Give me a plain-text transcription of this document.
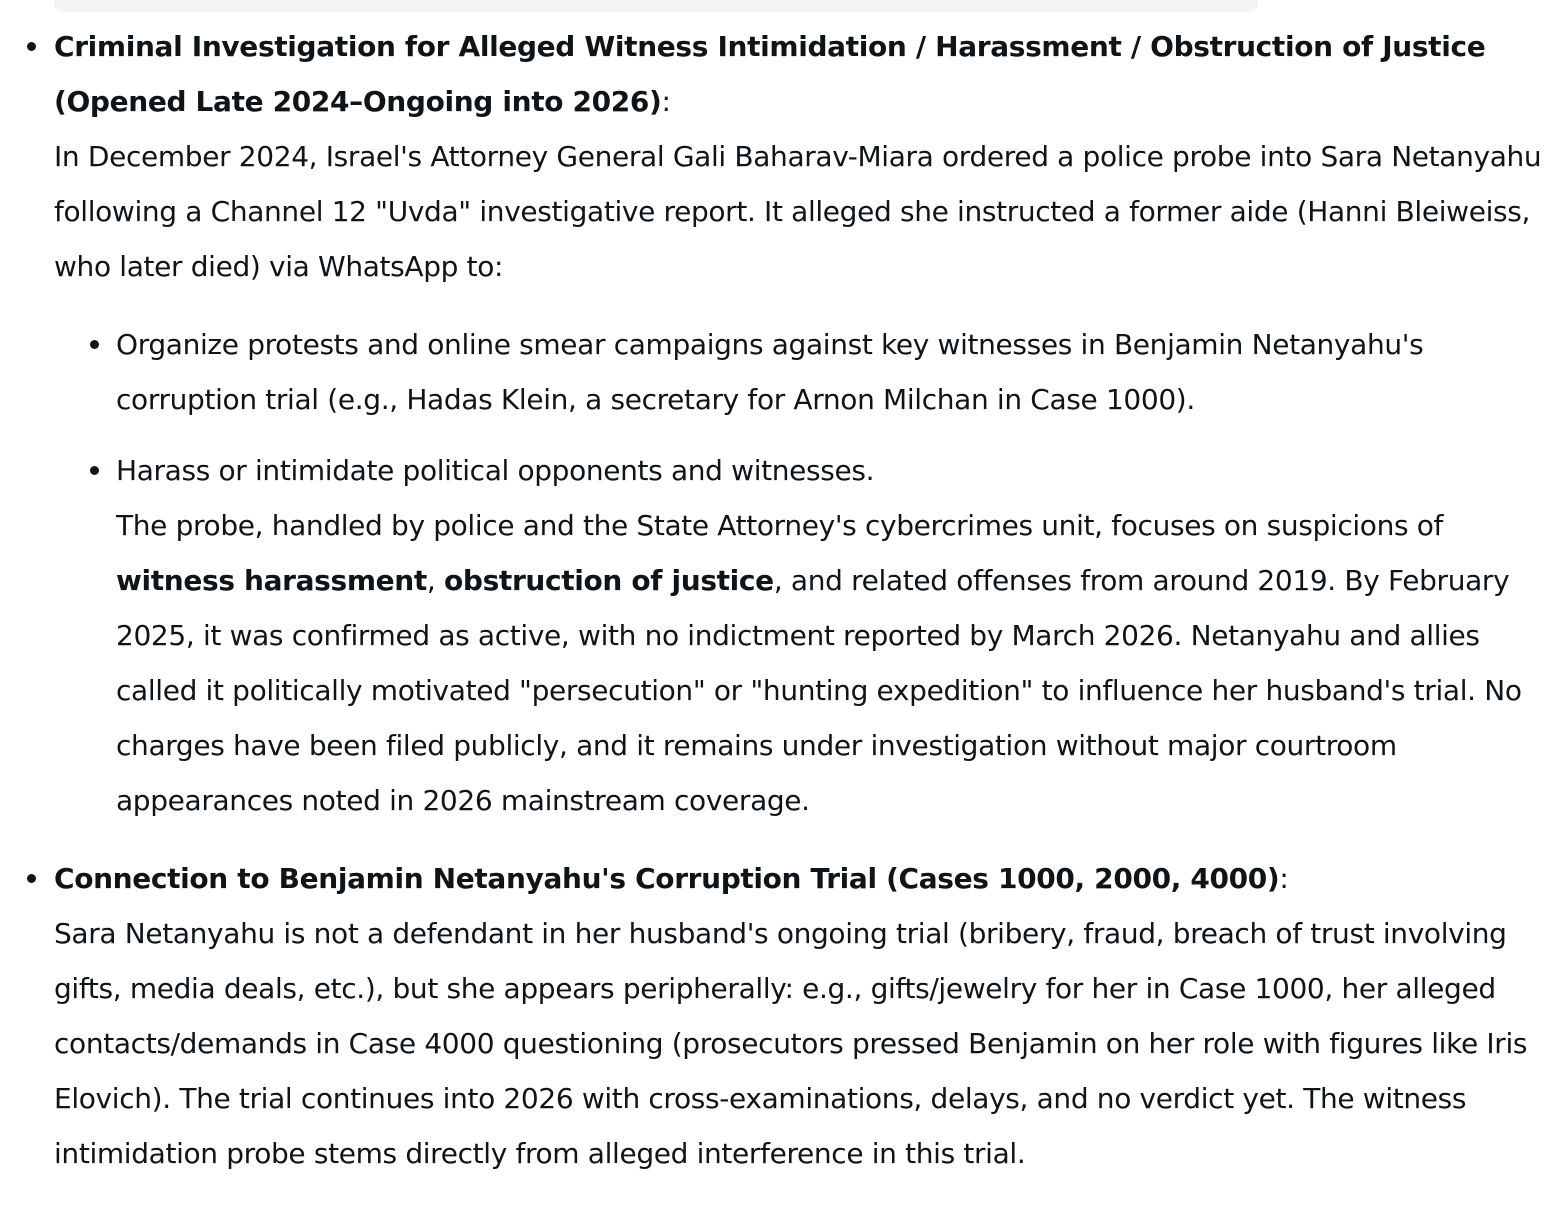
Criminal Investigation for Alleged Witness Intimidation / Harassment / Obstruction of Justice (Opened Late 2024–Ongoing into 2026):
In December 2024, Israel's Attorney General Gali Baharav-Miara ordered a police probe into Sara Netanyahu following a Channel 12 "Uvda" investigative report. It alleged she instructed a former aide (Hanni Bleiweiss, who later died) via WhatsApp to:
Organize protests and online smear campaigns against key witnesses in Benjamin Netanyahu's corruption trial (e.g., Hadas Klein, a secretary for Arnon Milchan in Case 1000).
Harass or intimidate political opponents and witnesses.
The probe, handled by police and the State Attorney's cybercrimes unit, focuses on suspicions of witness harassment, obstruction of justice, and related offenses from around 2019. By February 2025, it was confirmed as active, with no indictment reported by March 2026. Netanyahu and allies called it politically motivated "persecution" or "hunting expedition" to influence her husband's trial. No charges have been filed publicly, and it remains under investigation without major courtroom appearances noted in 2026 mainstream coverage.
Connection to Benjamin Netanyahu's Corruption Trial (Cases 1000, 2000, 4000):
Sara Netanyahu is not a defendant in her husband's ongoing trial (bribery, fraud, breach of trust involving gifts, media deals, etc.), but she appears peripherally: e.g., gifts/jewelry for her in Case 1000, her alleged contacts/demands in Case 4000 questioning (prosecutors pressed Benjamin on her role with figures like Iris Elovich). The trial continues into 2026 with cross-examinations, delays, and no verdict yet. The witness intimidation probe stems directly from alleged interference in this trial.
